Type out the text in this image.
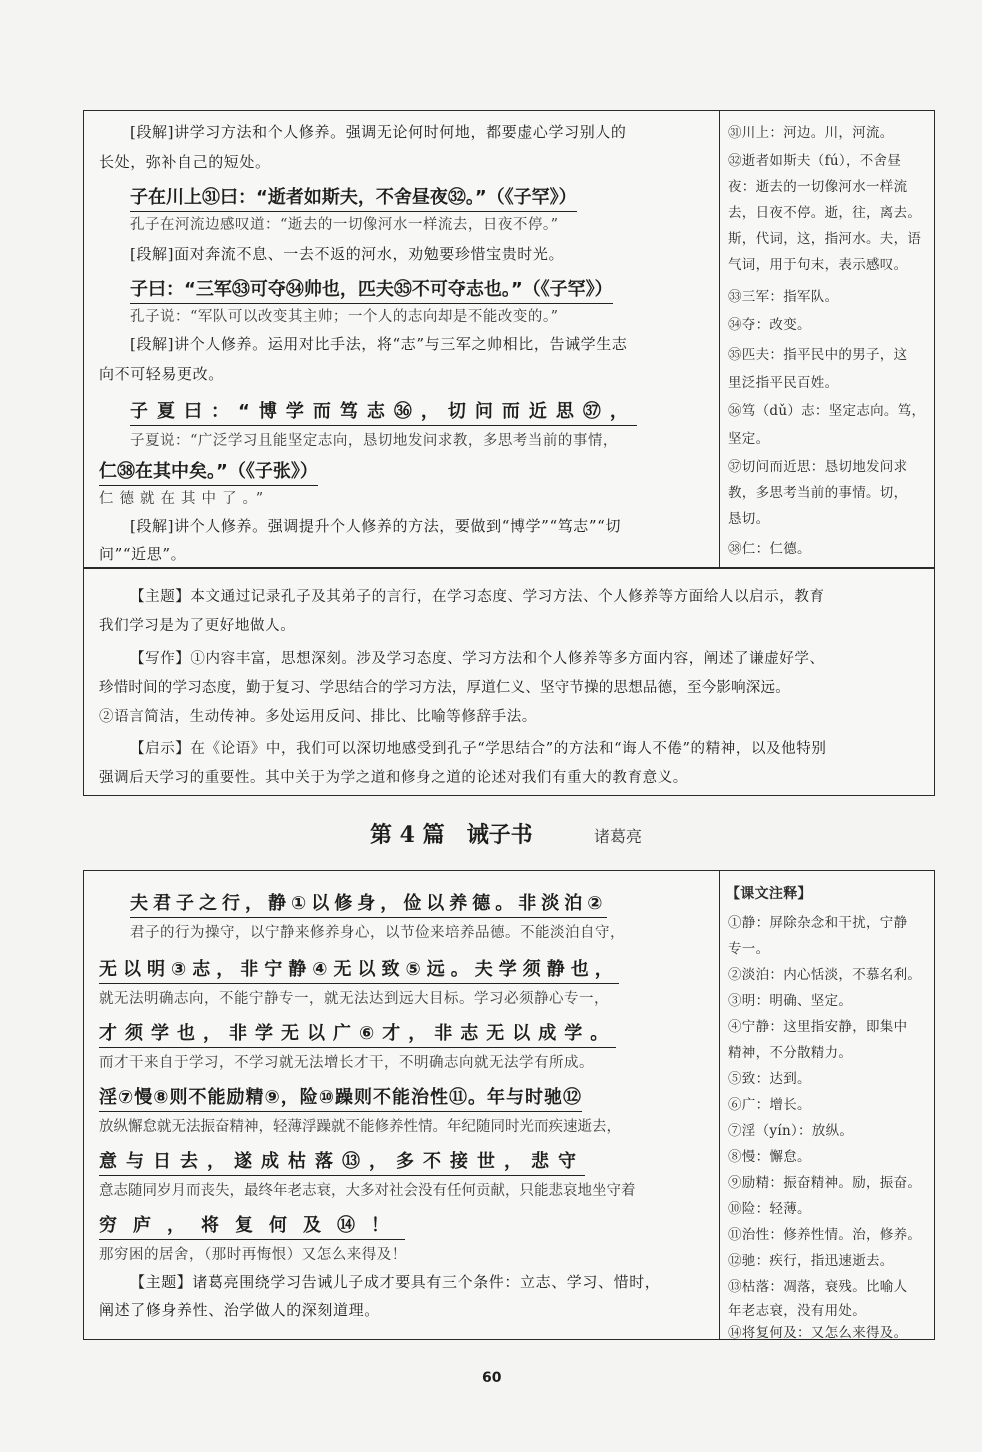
[段解]讲学习方法和个人修养。强调无论何时何地，都要虚心学习别人的
长处，弥补自己的短处。
子在川上㉛曰：“逝者如斯夫，不舍昼夜㉜。”（《子罕》）
孔子在河流边感叹道：“逝去的一切像河水一样流去，日夜不停。”
[段解]面对奔流不息、一去不返的河水，劝勉要珍惜宝贵时光。
子曰：“三军㉝可夺㉞帅也，匹夫㉟不可夺志也。”（《子罕》）
孔子说：“军队可以改变其主帅；一个人的志向却是不能改变的。”
[段解]讲个人修养。运用对比手法，将“志”与三军之帅相比，告诫学生志
向不可轻易更改。
子夏曰：“博学而笃志㊱，切问而近思㊲，
子夏说：“广泛学习且能坚定志向，恳切地发问求教，多思考当前的事情，
仁㊳在其中矣。”（《子张》）
仁德就在其中了。”
[段解]讲个人修养。强调提升个人修养的方法，要做到“博学”“笃志”“切
问”“近思”。
㉛川上：河边。川，河流。
㉜逝者如斯夫（fú），不舍昼
夜：逝去的一切像河水一样流
去，日夜不停。逝，往，离去。
斯，代词，这，指河水。夫，语
气词，用于句末，表示感叹。
㉝三军：指军队。
㉞夺：改变。
㉟匹夫：指平民中的男子，这
里泛指平民百姓。
㊱笃（dǔ）志：坚定志向。笃，
坚定。
㊲切问而近思：恳切地发问求
教，多思考当前的事情。切，
恳切。
㊳仁：仁德。
【主题】本文通过记录孔子及其弟子的言行，在学习态度、学习方法、个人修养等方面给人以启示，教育
我们学习是为了更好地做人。
【写作】①内容丰富，思想深刻。涉及学习态度、学习方法和个人修养等多方面内容，阐述了谦虚好学、
珍惜时间的学习态度，勤于复习、学思结合的学习方法，厚道仁义、坚守节操的思想品德，至今影响深远。
②语言简洁，生动传神。多处运用反问、排比、比喻等修辞手法。
【启示】在《论语》中，我们可以深切地感受到孔子“学思结合”的方法和“诲人不倦”的精神，以及他特别
强调后天学习的重要性。其中关于为学之道和修身之道的论述对我们有重大的教育意义。
第 4 篇　诫子书	诸葛亮
夫君子之行，静①以修身，俭以养德。非淡泊②
君子的行为操守，以宁静来修养身心，以节俭来培养品德。不能淡泊自守，
无以明③志，非宁静④无以致⑤远。夫学须静也，
就无法明确志向，不能宁静专一，就无法达到远大目标。学习必须静心专一，
才须学也，非学无以广⑥才，非志无以成学。
而才干来自于学习，不学习就无法增长才干，不明确志向就无法学有所成。
淫⑦慢⑧则不能励精⑨，险⑩躁则不能治性⑪。年与时驰⑫
放纵懈怠就无法振奋精神，轻薄浮躁就不能修养性情。年纪随同时光而疾速逝去，
意与日去，遂成枯落⑬，多不接世，悲守
意志随同岁月而丧失，最终年老志衰，大多对社会没有任何贡献，只能悲哀地坐守着
穷庐，将复何及⑭！
那穷困的居舍，（那时再悔恨）又怎么来得及！
【主题】诸葛亮围绕学习告诫儿子成才要具有三个条件：立志、学习、惜时，
阐述了修身养性、治学做人的深刻道理。
【课文注释】
①静：屏除杂念和干扰，宁静
专一。
②淡泊：内心恬淡，不慕名利。
③明：明确、坚定。
④宁静：这里指安静，即集中
精神，不分散精力。
⑤致：达到。
⑥广：增长。
⑦淫（yín）：放纵。
⑧慢：懈怠。
⑨励精：振奋精神。励，振奋。
⑩险：轻薄。
⑪治性：修养性情。治，修养。
⑫驰：疾行，指迅速逝去。
⑬枯落：凋落，衰残。比喻人
年老志衰，没有用处。
⑭将复何及：又怎么来得及。
60
